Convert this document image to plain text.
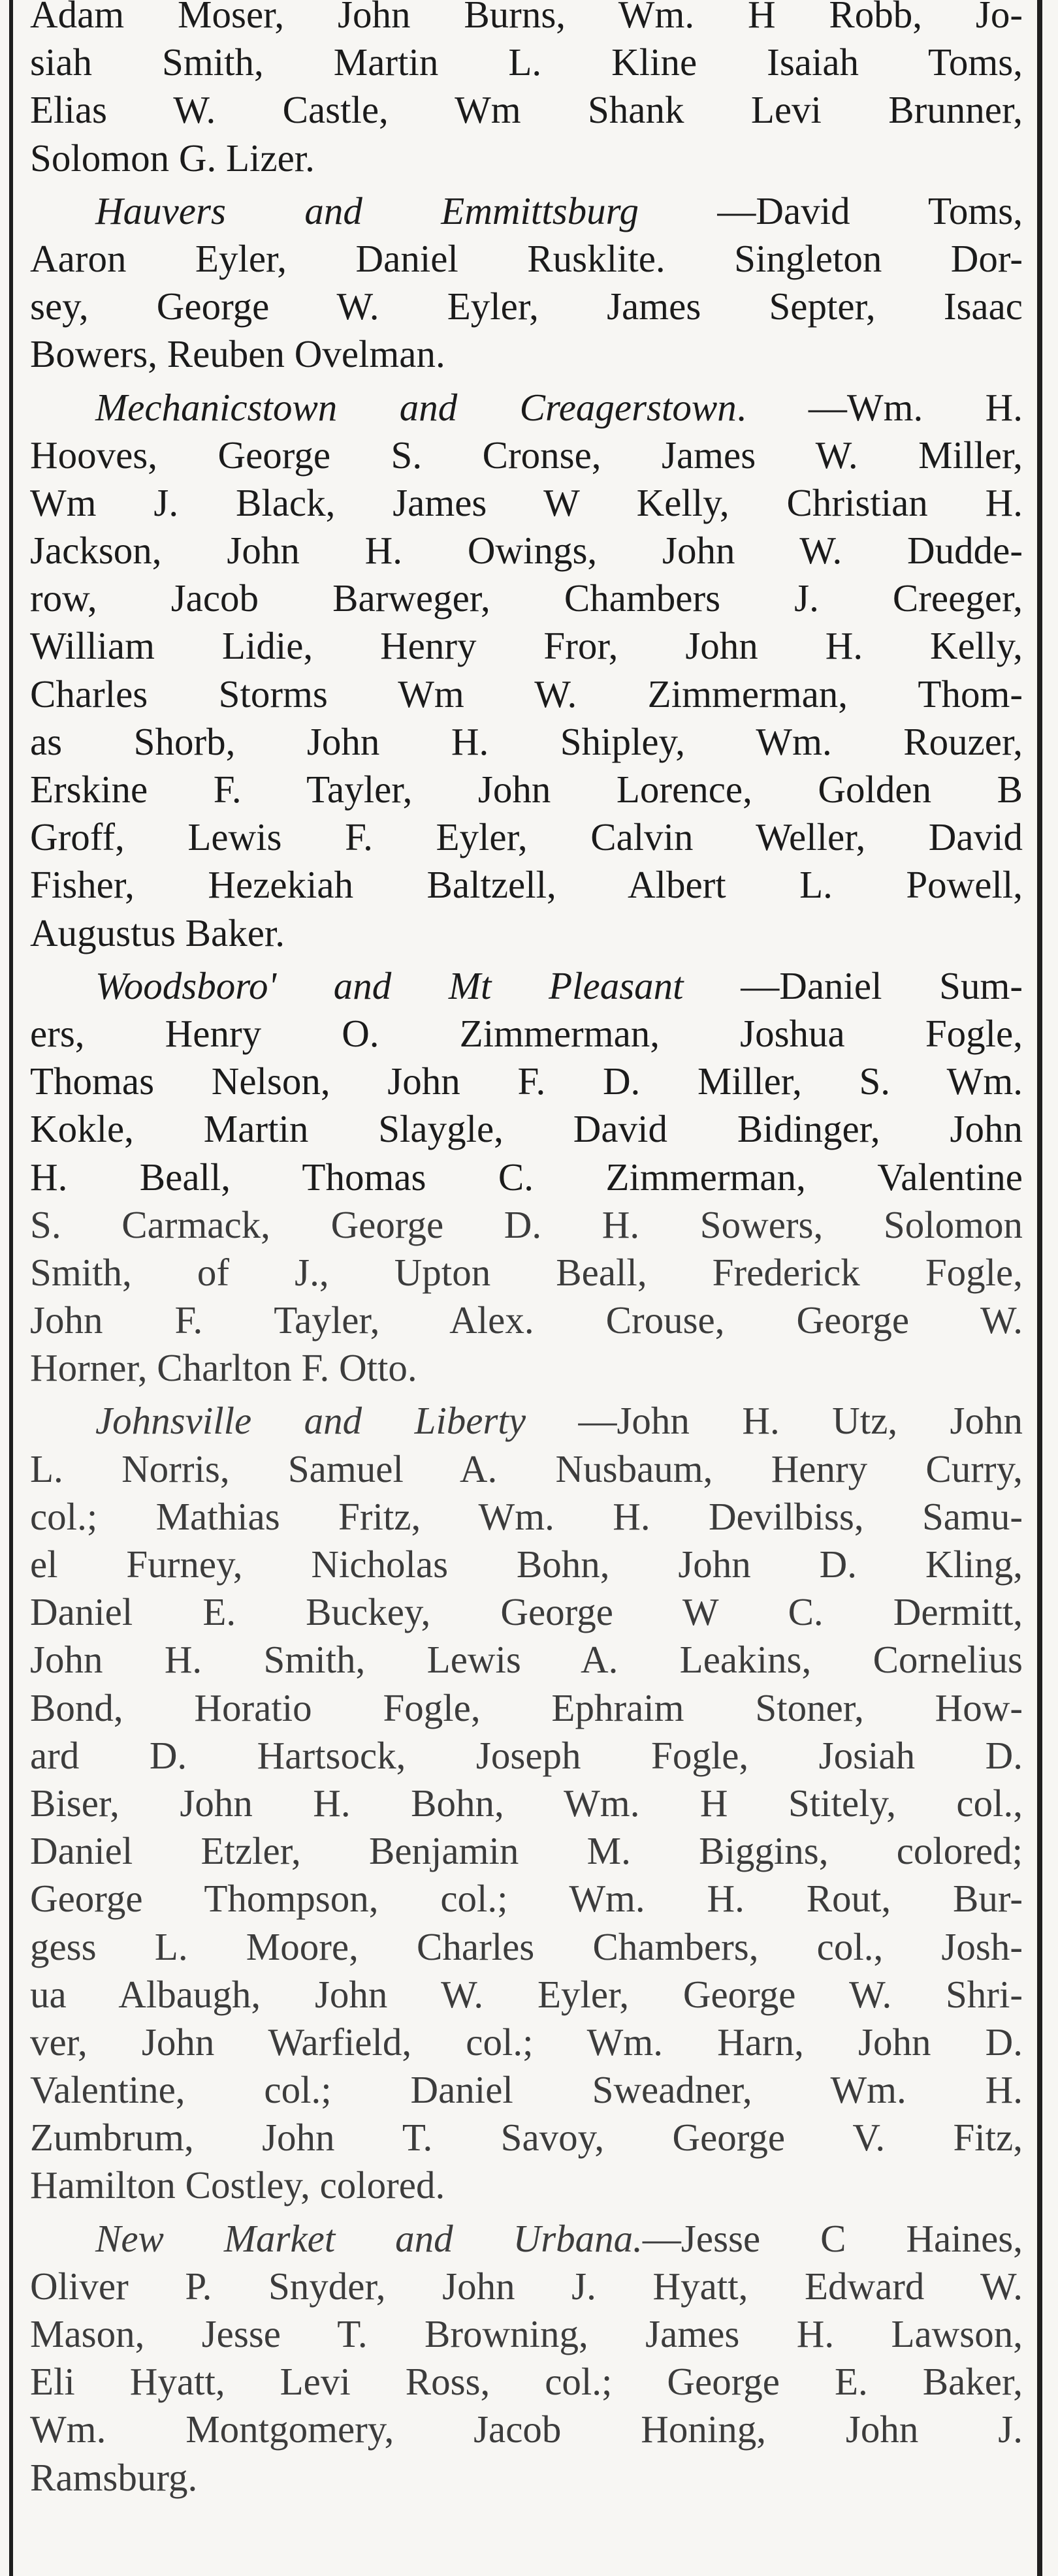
Adam Moser, John Burns, Wm. H Robb, Jo-
siah Smith, Martin L. Kline Isaiah Toms,
Elias W. Castle, Wm Shank Levi Brunner,
Solomon G. Lizer.
Hauvers and Emmittsburg —David Toms,
Aaron Eyler, Daniel Rusklite. Singleton Dor-
sey, George W. Eyler, James Septer, Isaac
Bowers, Reuben Ovelman.
Mechanicstown and Creagerstown. —Wm. H.
Hooves, George S. Cronse, James W. Miller,
Wm J. Black, James W Kelly, Christian H.
Jackson, John H. Owings, John W. Dudde-
row, Jacob Barweger, Chambers J. Creeger,
William Lidie, Henry Fror, John H. Kelly,
Charles Storms Wm W. Zimmerman, Thom-
as Shorb, John H. Shipley, Wm. Rouzer,
Erskine F. Tayler, John Lorence, Golden B
Groff, Lewis F. Eyler, Calvin Weller, David
Fisher, Hezekiah Baltzell, Albert L. Powell,
Augustus Baker.
Woodsboro' and Mt Pleasant —Daniel Sum-
ers, Henry O. Zimmerman, Joshua Fogle,
Thomas Nelson, John F. D. Miller, S. Wm.
Kokle, Martin Slaygle, David Bidinger, John
H. Beall, Thomas C. Zimmerman, Valentine
S. Carmack, George D. H. Sowers, Solomon
Smith, of J., Upton Beall, Frederick Fogle,
John F. Tayler, Alex. Crouse, George W.
Horner, Charlton F. Otto.
Johnsville and Liberty —John H. Utz, John
L. Norris, Samuel A. Nusbaum, Henry Curry,
col.; Mathias Fritz, Wm. H. Devilbiss, Samu-
el Furney, Nicholas Bohn, John D. Kling,
Daniel E. Buckey, George W C. Dermitt,
John H. Smith, Lewis A. Leakins, Cornelius
Bond, Horatio Fogle, Ephraim Stoner, How-
ard D. Hartsock, Joseph Fogle, Josiah D.
Biser, John H. Bohn, Wm. H Stitely, col.,
Daniel Etzler, Benjamin M. Biggins, colored;
George Thompson, col.; Wm. H. Rout, Bur-
gess L. Moore, Charles Chambers, col., Josh-
ua Albaugh, John W. Eyler, George W. Shri-
ver, John Warfield, col.; Wm. Harn, John D.
Valentine, col.; Daniel Sweadner, Wm. H.
Zumbrum, John T. Savoy, George V. Fitz,
Hamilton Costley, colored.
New Market and Urbana.—Jesse C Haines,
Oliver P. Snyder, John J. Hyatt, Edward W.
Mason, Jesse T. Browning, James H. Lawson,
Eli Hyatt, Levi Ross, col.; George E. Baker,
Wm. Montgomery, Jacob Honing, John J.
Ramsburg.
